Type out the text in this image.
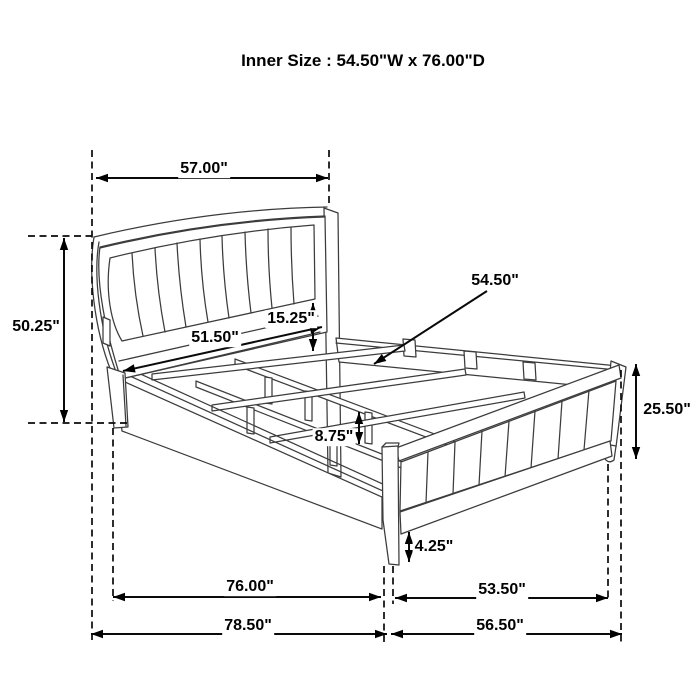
Inner Size : 54.50"W x 76.00"D
57.00"
50.25"
51.50"
15.25"
54.50"
25.50"
8.75"
4.25"
76.00"
78.50"
53.50"
56.50"
